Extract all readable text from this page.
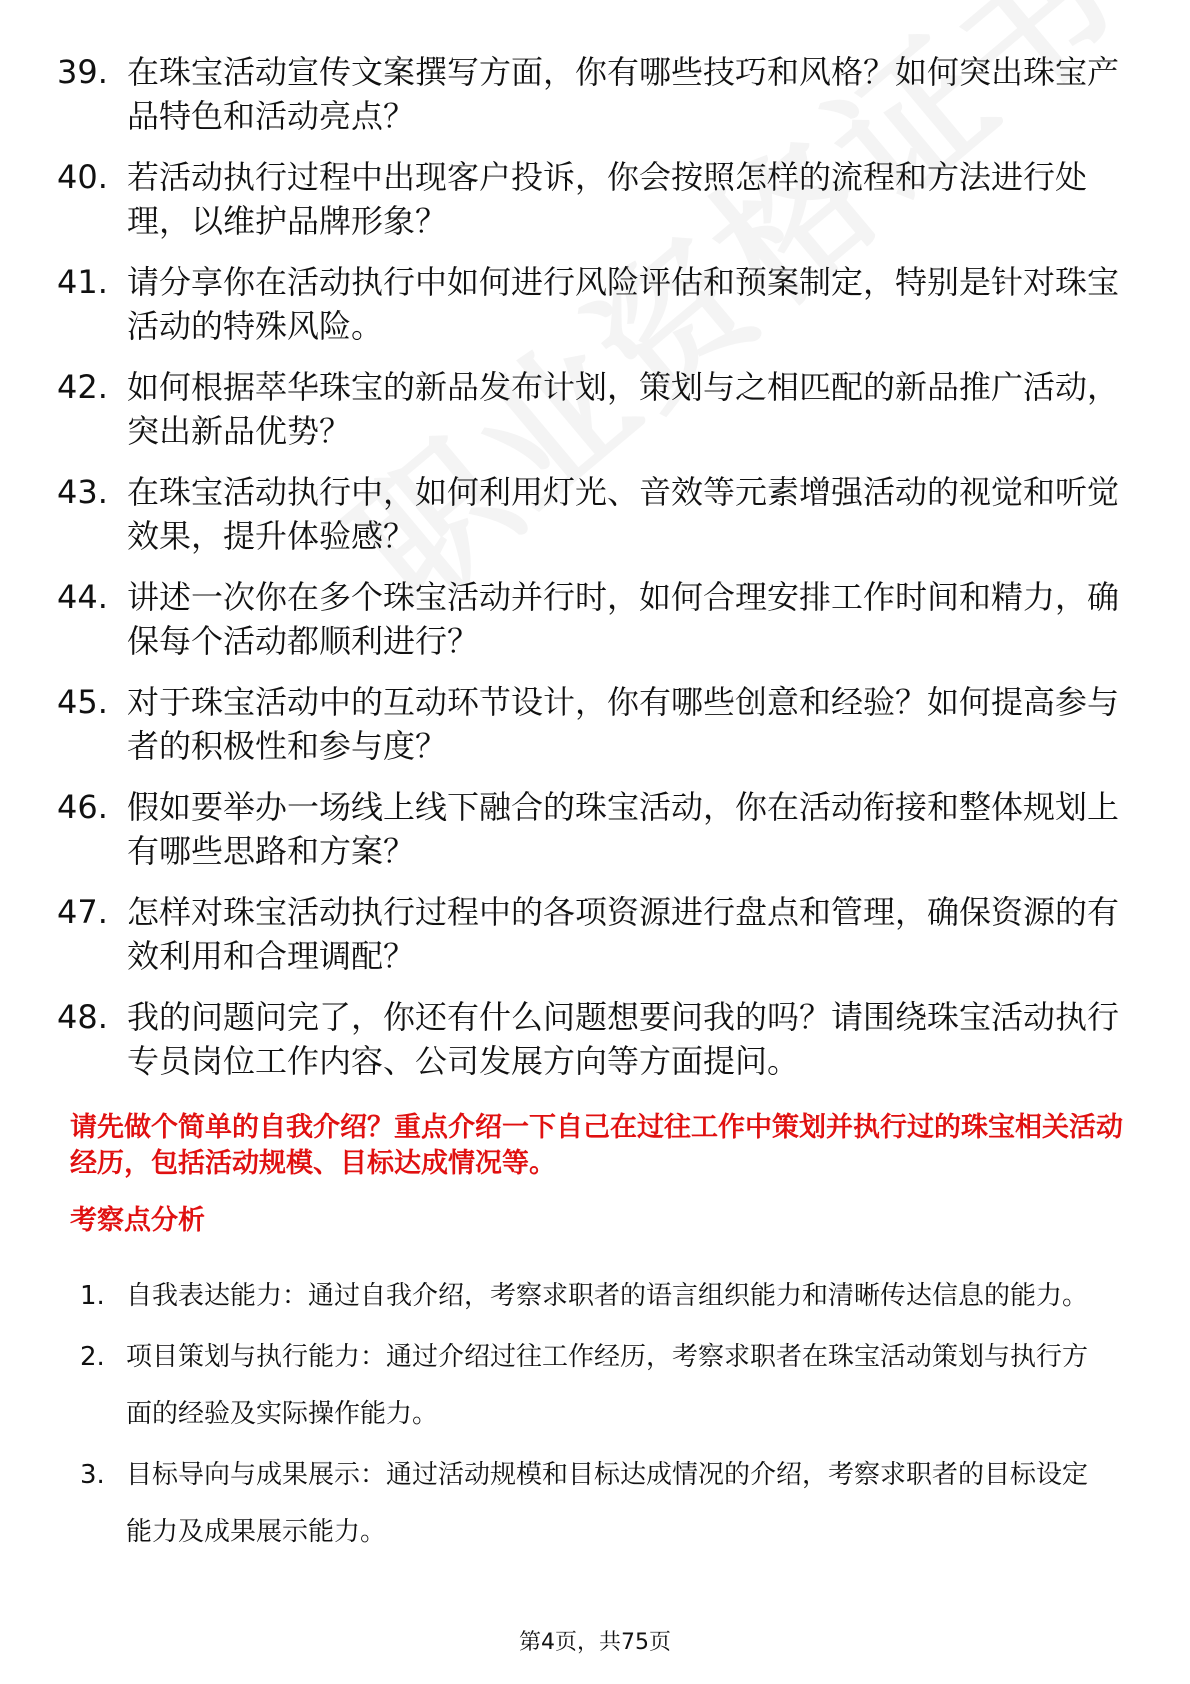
39. 在珠宝活动宣传文案撰写方面，你有哪些技巧和风格？如何突出珠宝产品特色和活动亮点？
40. 若活动执行过程中出现客户投诉，你会按照怎样的流程和方法进行处理，以维护品牌形象？
41. 请分享你在活动执行中如何进行风险评估和预案制定，特别是针对珠宝活动的特殊风险。
42. 如何根据萃华珠宝的新品发布计划，策划与之相匹配的新品推广活动，突出新品优势？
43. 在珠宝活动执行中，如何利用灯光、音效等元素增强活动的视觉和听觉效果，提升体验感？
44. 讲述一次你在多个珠宝活动并行时，如何合理安排工作时间和精力，确保每个活动都顺利进行？
45. 对于珠宝活动中的互动环节设计，你有哪些创意和经验？如何提高参与者的积极性和参与度？
46. 假如要举办一场线上线下融合的珠宝活动，你在活动衔接和整体规划上有哪些思路和方案？
47. 怎样对珠宝活动执行过程中的各项资源进行盘点和管理，确保资源的有效利用和合理调配？
48. 我的问题问完了，你还有什么问题想要问我的吗？请围绕珠宝活动执行专员岗位工作内容、公司发展方向等方面提问。

请先做个简单的自我介绍？重点介绍一下自己在过往工作中策划并执行过的珠宝相关活动经历，包括活动规模、目标达成情况等。

考察点分析
1. 自我表达能力：通过自我介绍，考察求职者的语言组织能力和清晰传达信息的能力。
2. 项目策划与执行能力：通过介绍过往工作经历，考察求职者在珠宝活动策划与执行方面的经验及实际操作能力。
3. 目标导向与成果展示：通过活动规模和目标达成情况的介绍，考察求职者的目标设定能力及成果展示能力。
第4页，共75页
